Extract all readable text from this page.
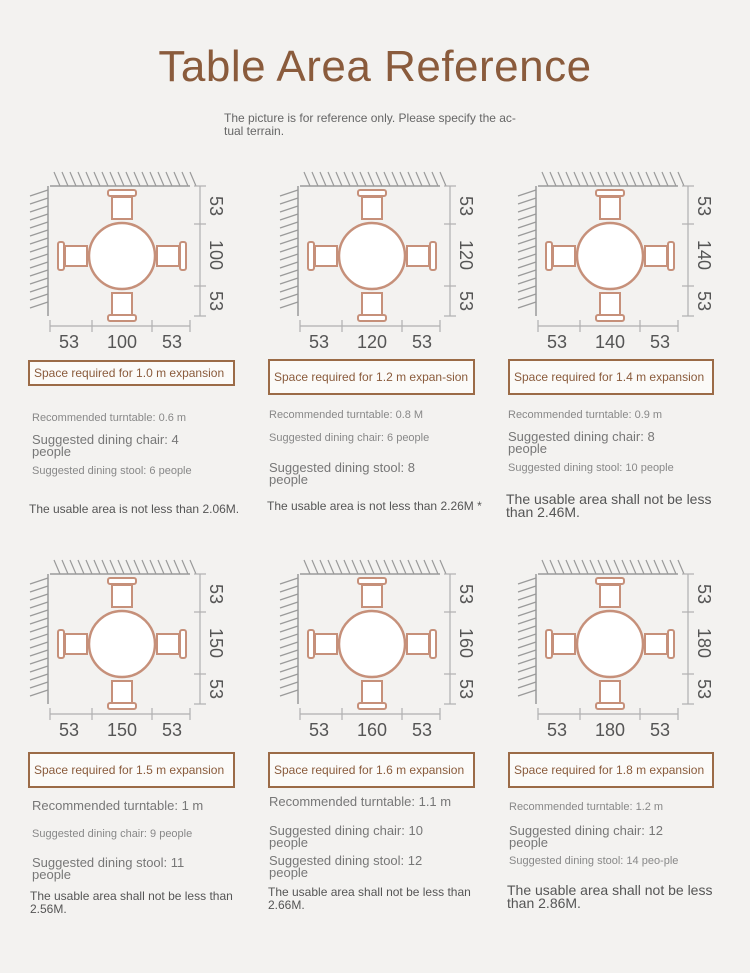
Table Area Reference
The picture is for reference only. Please specify the ac-tual terrain.
53 100 53
53
100
53
Space required for 1.0 m expansion
Recommended turntable: 0.6 m
Suggested dining chair: 4 people
Suggested dining stool: 6 people
The usable area is not less than 2.06M.
53 120 53
53
120
53
Space required for 1.2 m expan-sion
Recommended turntable: 0.8 M
Suggested dining chair: 6 people
Suggested dining stool: 8 people
The usable area is not less than 2.26M *
53 140 53
53
140
53
Space required for 1.4 m expansion
Recommended turntable: 0.9 m
Suggested dining chair: 8 people
Suggested dining stool: 10 people
The usable area shall not be less than 2.46M.
53 150 53
53
150
53
Space required for 1.5 m expansion
Recommended turntable: 1 m
Suggested dining chair: 9 people
Suggested dining stool: 11 people
The usable area shall not be less than 2.56M.
53 160 53
53
160
53
Space required for 1.6 m expansion
Recommended turntable: 1.1 m
Suggested dining chair: 10 people
Suggested dining stool: 12 people
The usable area shall not be less than 2.66M.
53 180 53
53
180
53
Space required for 1.8 m expansion
Recommended turntable: 1.2 m
Suggested dining chair: 12 people
Suggested dining stool: 14 peo-ple
The usable area shall not be less than 2.86M.
